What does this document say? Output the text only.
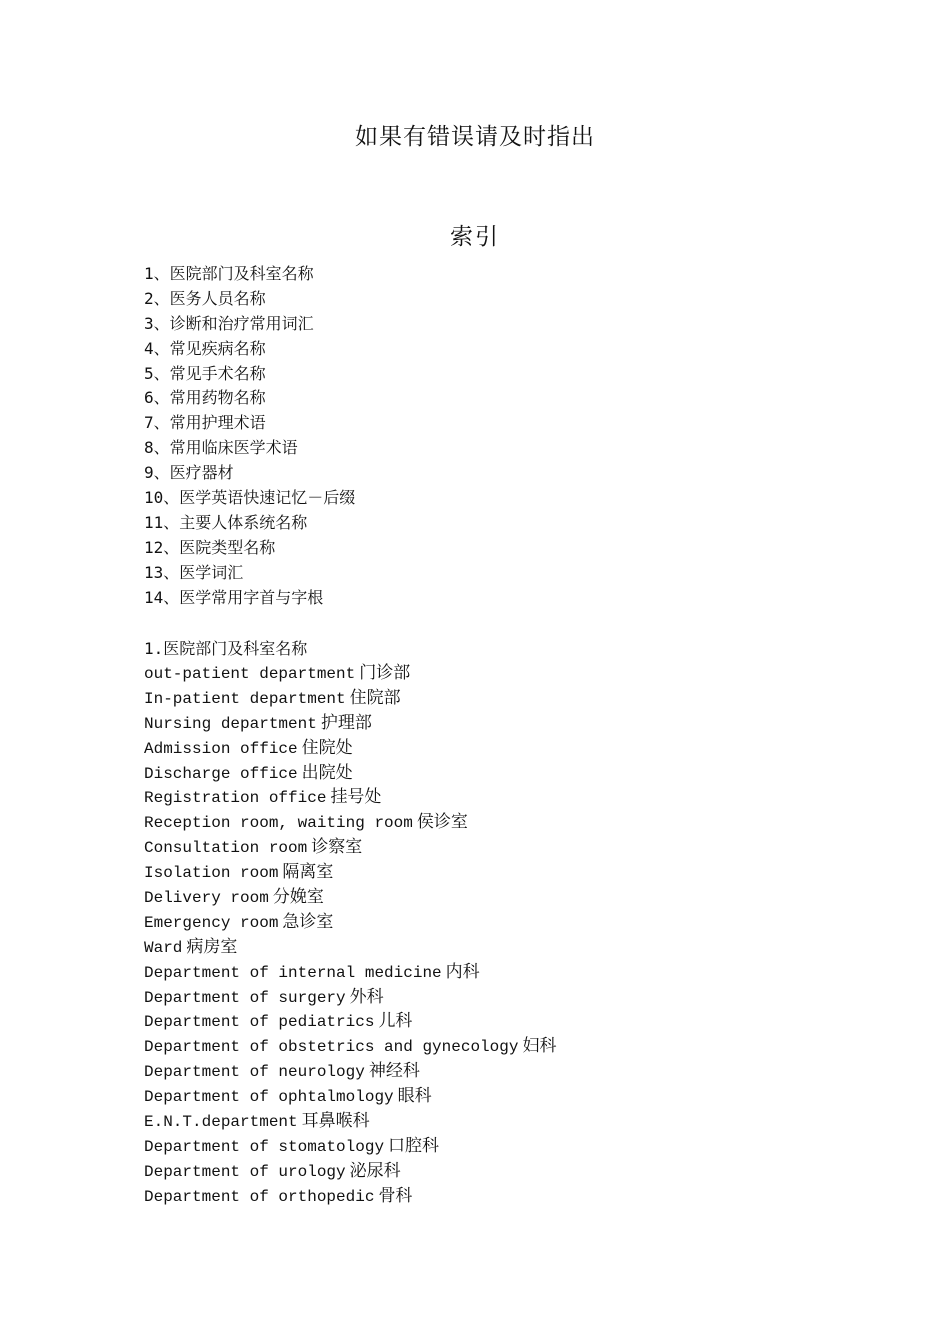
如果有错误请及时指出
索引
1、医院部门及科室名称
2、医务人员名称
3、诊断和治疗常用词汇
4、常见疾病名称
5、常见手术名称
6、常用药物名称
7、常用护理术语
8、常用临床医学术语
9、医疗器材
10、医学英语快速记忆－后缀
11、主要人体系统名称
12、医院类型名称
13、医学词汇
14、医学常用字首与字根
1.医院部门及科室名称
out-patient department 门诊部
In-patient department 住院部
Nursing department 护理部
Admission office 住院处
Discharge office 出院处
Registration office 挂号处
Reception room, waiting room 侯诊室
Consultation room 诊察室
Isolation room 隔离室
Delivery room 分娩室
Emergency room 急诊室
Ward 病房室
Department of internal medicine 内科
Department of surgery 外科
Department of pediatrics 儿科
Department of obstetrics and gynecology 妇科
Department of neurology 神经科
Department of ophtalmology 眼科
E.N.T.department 耳鼻喉科
Department of stomatology 口腔科
Department of urology 泌尿科
Department of orthopedic 骨科
